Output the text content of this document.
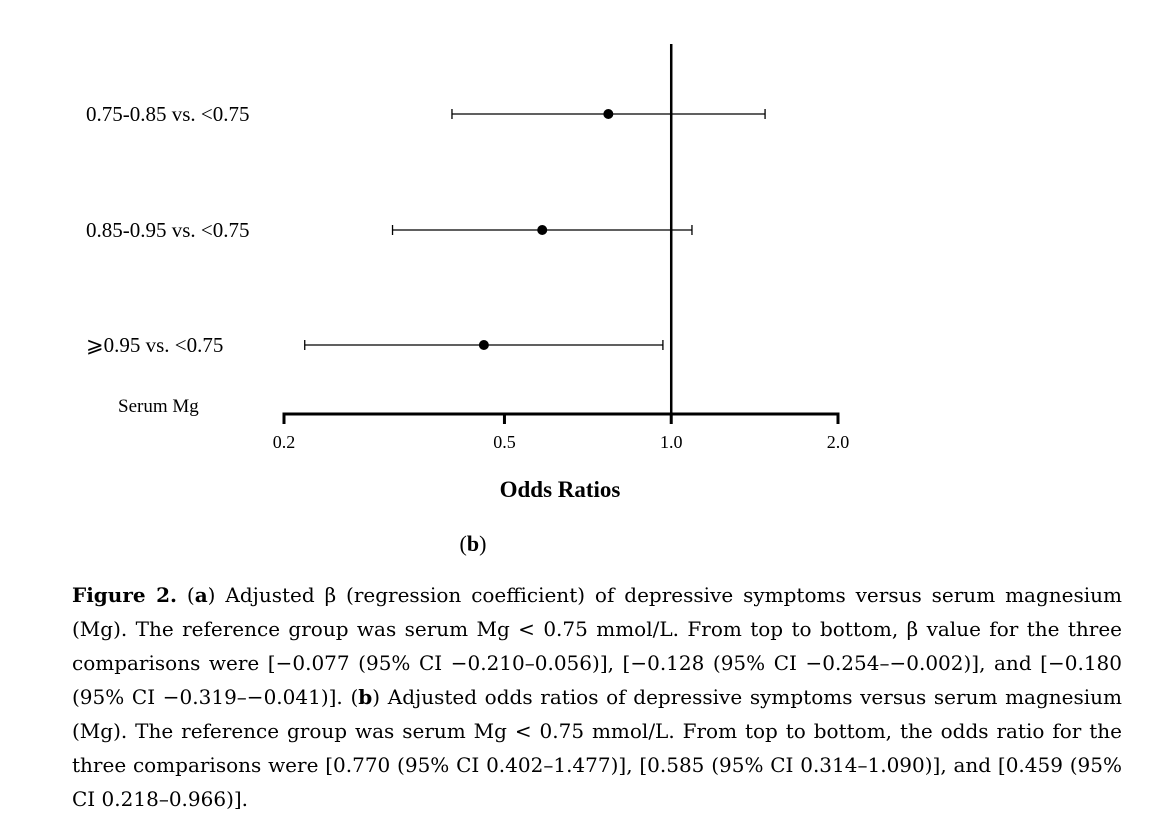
0.75-0.85 vs. <0.75
0.85-0.95 vs. <0.75
⩾0.95 vs. <0.75
0.2	0.5	1.0	2.0
Serum Mg
Odds Ratios
(b)

Figure 2. (a) Adjusted β (regression coefficient) of depressive symptoms versus serum magnesium (Mg). The reference group was serum Mg < 0.75 mmol/L. From top to bottom, β value for the three comparisons were [−0.077 (95% CI −0.210–0.056)], [−0.128 (95% CI −0.254–−0.002)], and [−0.180 (95% CI −0.319–−0.041)]. (b) Adjusted odds ratios of depressive symptoms versus serum magnesium (Mg). The reference group was serum Mg < 0.75 mmol/L. From top to bottom, the odds ratio for the three comparisons were [0.770 (95% CI 0.402–1.477)], [0.585 (95% CI 0.314–1.090)], and [0.459 (95% CI 0.218–0.966)].
